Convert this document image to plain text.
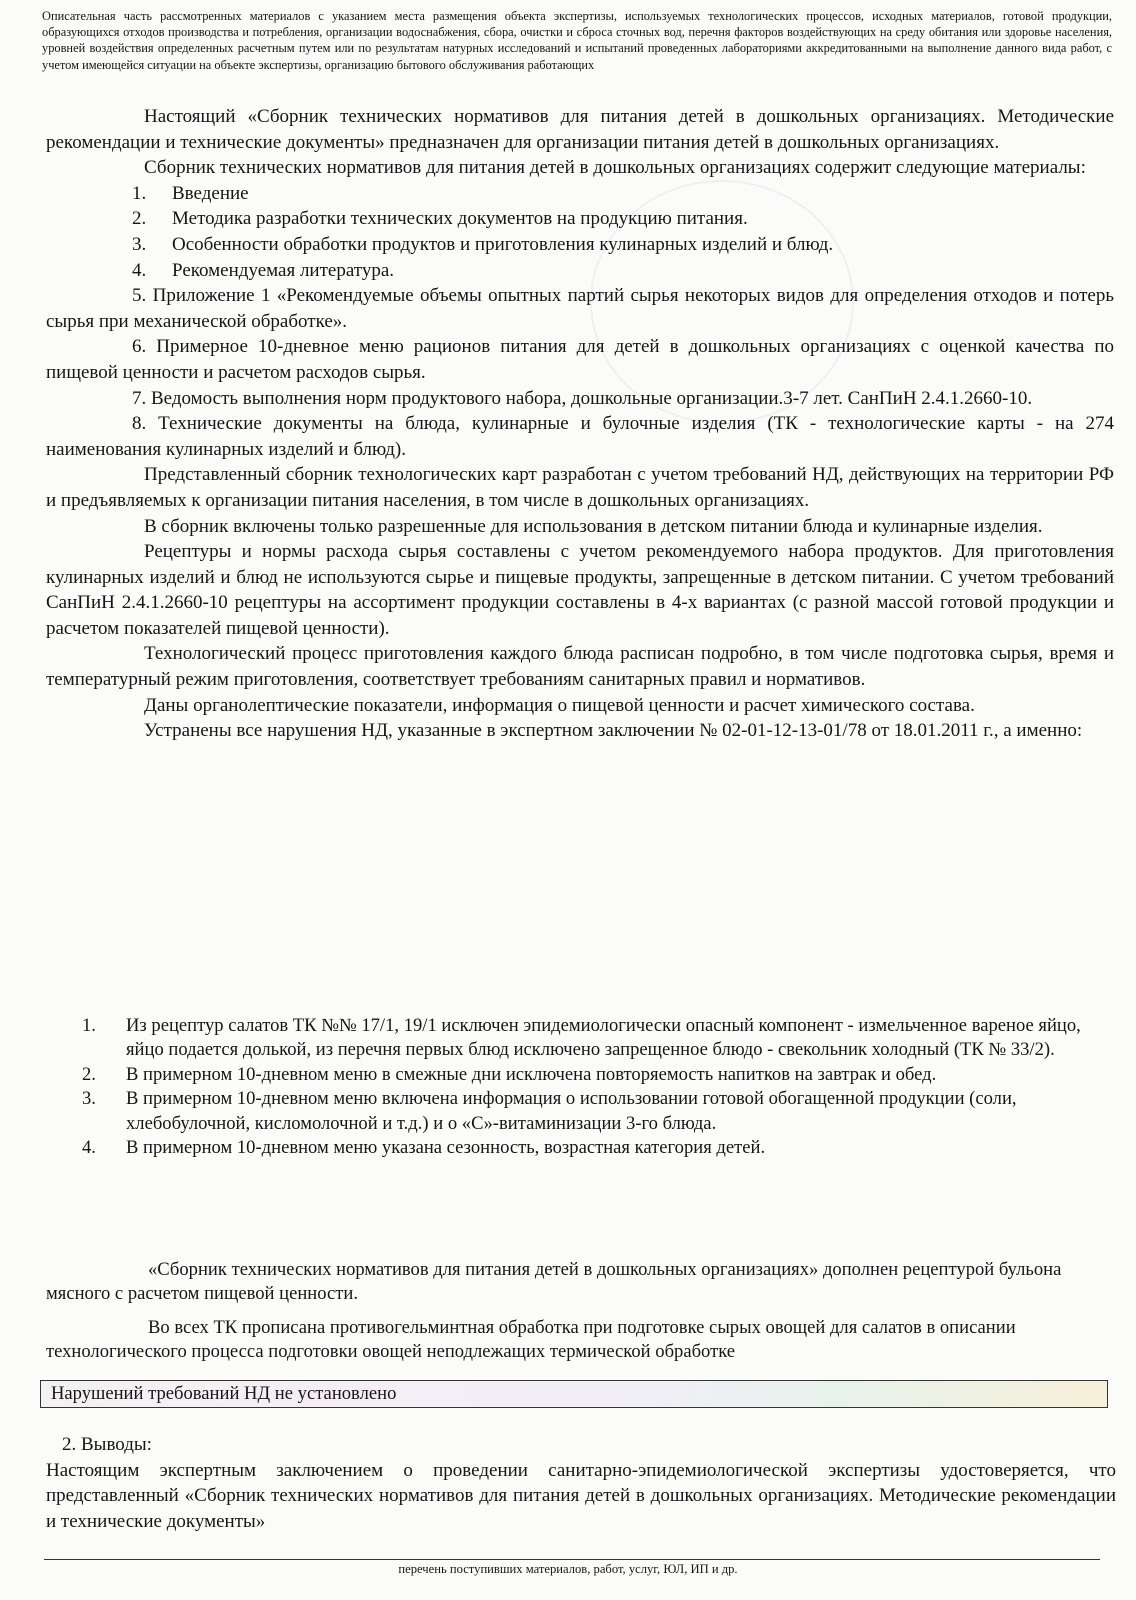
Описательная часть рассмотренных материалов с указанием места размещения объекта экспертизы, используемых технологических процессов, исходных материалов, готовой продукции, образующихся отходов производства и потребления, организации водоснабжения, сбора, очистки и сброса сточных вод, перечня факторов воздействующих на среду обитания или здоровье населения, уровней воздействия определенных расчетным путем или по результатам натурных исследований и испытаний проведенных лабораториями аккредитованными на выполнение данного вида работ, с учетом имеющейся ситуации на объекте экспертизы, организацию бытового обслуживания работающих

Настоящий «Сборник технических нормативов для питания детей в дошкольных организациях. Методические рекомендации и технические документы» предназначен для организации питания детей в дошкольных организациях.

Сборник технических нормативов для питания детей в дошкольных организациях содержит следующие материалы:

1. Введение
2. Методика разработки технических документов на продукцию питания.
3. Особенности обработки продуктов и приготовления кулинарных изделий и блюд.
4. Рекомендуемая литература.
5. Приложение 1 «Рекомендуемые объемы опытных партий сырья некоторых видов для определения отходов и потерь сырья при механической обработке».
6. Примерное 10-дневное меню рационов питания для детей в дошкольных организациях с оценкой качества по пищевой ценности и расчетом расходов сырья.
7. Ведомость выполнения норм продуктового набора, дошкольные организации.3-7 лет. СанПиН 2.4.1.2660-10.
8. Технические документы на блюда, кулинарные и булочные изделия (ТК - технологические карты - на 274 наименования кулинарных изделий и блюд).

Представленный сборник технологических карт разработан с учетом требований НД, действующих на территории РФ и предъявляемых к организации питания населения, в том числе в дошкольных организациях.

В сборник включены только разрешенные для использования в детском питании блюда и кулинарные изделия.

Рецептуры и нормы расхода сырья составлены с учетом рекомендуемого набора продуктов. Для приготовления кулинарных изделий и блюд не используются сырье и пищевые продукты, запрещенные в детском питании. С учетом требований СанПиН 2.4.1.2660-10 рецептуры на ассортимент продукции составлены в 4-х вариантах (с разной массой готовой продукции и расчетом показателей пищевой ценности).

Технологический процесс приготовления каждого блюда расписан подробно, в том числе подготовка сырья, время и температурный режим приготовления, соответствует требованиям санитарных правил и нормативов.

Даны органолептические показатели, информация о пищевой ценности и расчет химического состава.

Устранены все нарушения НД, указанные в экспертном заключении № 02-01-12-13-01/78 от 18.01.2011 г., а именно:

1. Из рецептур салатов ТК №№ 17/1, 19/1 исключен эпидемиологически опасный компонент - измельченное вареное яйцо, яйцо подается долькой, из перечня первых блюд исключено запрещенное блюдо - свекольник холодный (ТК № 33/2).
2. В примерном 10-дневном меню в смежные дни исключена повторяемость напитков на завтрак и обед.
3. В примерном 10-дневном меню включена информация о использовании готовой обогащенной продукции (соли, хлебобулочной, кисломолочной и т.д.) и о «С»-витаминизации 3-го блюда.
4. В примерном 10-дневном меню указана сезонность, возрастная категория детей.

«Сборник технических нормативов для питания детей в дошкольных организациях» дополнен рецептурой бульона мясного с расчетом пищевой ценности.

Во всех ТК прописана противогельминтная обработка при подготовке сырых овощей для салатов в описании технологического процесса подготовки овощей неподлежащих термической обработке

Нарушений требований НД не установлено
2. Выводы:

Настоящим экспертным заключением о проведении санитарно-эпидемиологической экспертизы удостоверяется, что представленный «Сборник технических нормативов для питания детей в дошкольных организациях. Методические рекомендации и технические документы»

перечень поступивших материалов, работ, услуг, ЮЛ, ИП и др.
